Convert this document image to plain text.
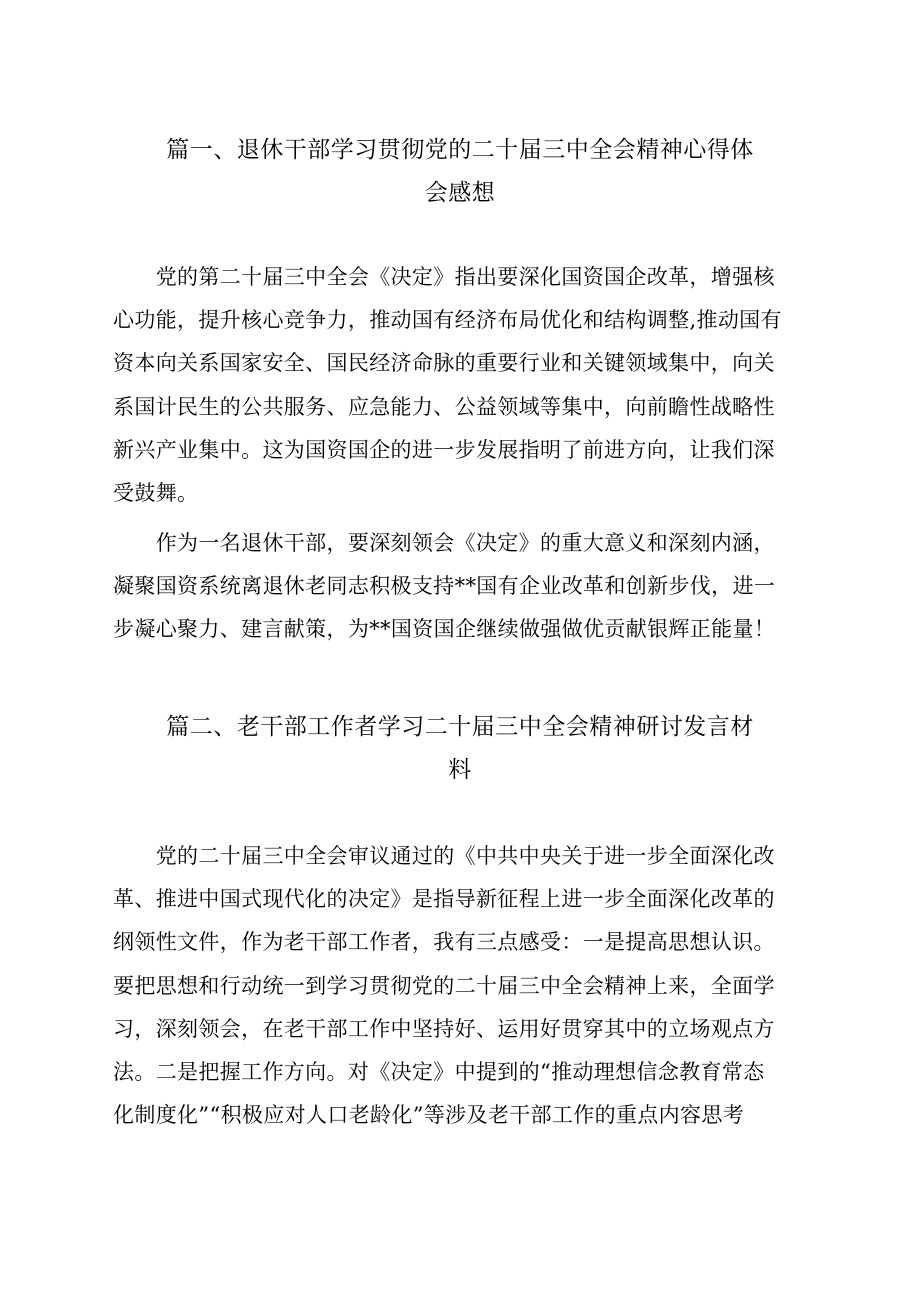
篇一、退休干部学习贯彻党的二十届三中全会精神心得体
会感想

　　党的第二十届三中全会《决定》指出要深化国资国企改革，增强核
心功能，提升核心竞争力，推动国有经济布局优化和结构调整,推动国有
资本向关系国家安全、国民经济命脉的重要行业和关键领域集中，向关
系国计民生的公共服务、应急能力、公益领域等集中，向前瞻性战略性
新兴产业集中。这为国资国企的进一步发展指明了前进方向，让我们深
受鼓舞。

　　作为一名退休干部，要深刻领会《决定》的重大意义和深刻内涵，
凝聚国资系统离退休老同志积极支持**国有企业改革和创新步伐，进一
步凝心聚力、建言献策，为**国资国企继续做强做优贡献银辉正能量！

篇二、老干部工作者学习二十届三中全会精神研讨发言材
料

　　党的二十届三中全会审议通过的《中共中央关于进一步全面深化改
革、推进中国式现代化的决定》是指导新征程上进一步全面深化改革的
纲领性文件，作为老干部工作者，我有三点感受：一是提高思想认识。
要把思想和行动统一到学习贯彻党的二十届三中全会精神上来，全面学
习，深刻领会，在老干部工作中坚持好、运用好贯穿其中的立场观点方
法。二是把握工作方向。对《决定》中提到的“推动理想信念教育常态
化制度化”“积极应对人口老龄化”等涉及老干部工作的重点内容思考
